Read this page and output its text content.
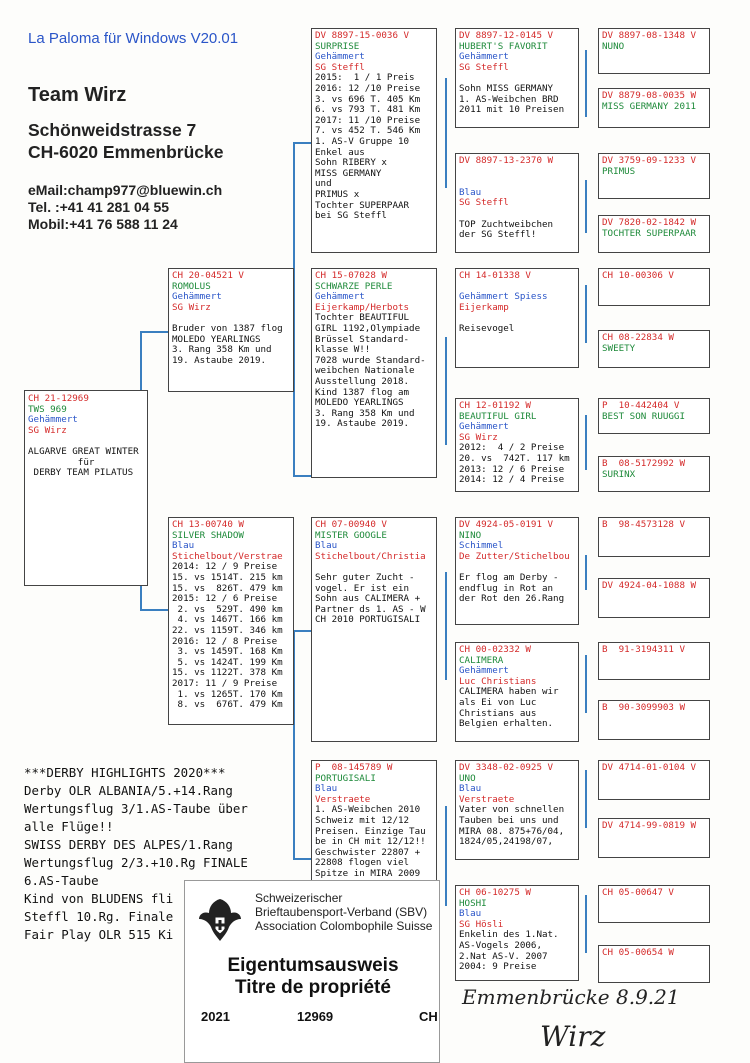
La Paloma für Windows V20.01
Team Wirz
Schönweidstrasse 7
CH-6020 Emmenbrücke
eMail:champ977@bluewin.ch
Tel. :+41 41 281 04 55
Mobil:+41 76 588 11 24
CH 21-12969
TWS 969
Gehämmert
SG Wirz

ALGARVE GREAT WINTER
für
DERBY TEAM PILATUS
CH 20-04521 V
ROMOLUS
Gehämmert
SG Wirz

Bruder von 1387 flog
MOLEDO YEARLINGS
3. Rang 358 Km und
19. Astaube 2019.
CH 13-00740 W
SILVER SHADOW
Blau
Stichelbout/Verstrae
2014: 12 / 9 Preise
15. vs 1514T. 215 km
15. vs  826T. 479 km
2015: 12 / 6 Preise
2. vs  529T. 490 km
4. vs 1467T. 166 km
22. vs 1159T. 346 km
2016: 12 / 8 Preise
3. vs 1459T. 168 Km
5. vs 1424T. 199 Km
15. vs 1122T. 378 Km
2017: 11 / 9 Preise
1. vs 1265T. 170 Km
8. vs  676T. 479 Km
DV 8897-15-0036 V
SURPRISE
Gehämmert
SG Steffl
2015:  1 / 1 Preis
2016: 12 /10 Preise
3. vs 696 T. 405 Km
6. vs 793 T. 481 Km
2017: 11 /10 Preise
7. vs 452 T. 546 Km
1. AS-V Gruppe 10
Enkel aus
Sohn RIBERY x
MISS GERMANY
und
PRIMUS x
Tochter SUPERPAAR
bei SG Steffl
CH 15-07028 W
SCHWARZE PERLE
Gehämmert
Eijerkamp/Herbots
Tochter BEAUTIFUL
GIRL 1192,Olympiade
Brüssel Standard-
klasse W!!
7028 wurde Standard-
weibchen Nationale
Ausstellung 2018.
Kind 1387 flog am
MOLEDO YEARLINGS
3. Rang 358 Km und
19. Astaube 2019.
CH 07-00940 V
MISTER GOOGLE
Blau
Stichelbout/Christia

Sehr guter Zucht -
vogel. Er ist ein
Sohn aus CALIMERA +
Partner ds 1. AS - W
CH 2010 PORTUGISALI
P  08-145789 W
PORTUGISALI
Blau
Verstraete
1. AS-Weibchen 2010
Schweiz mit 12/12
Preisen. Einzige Tau
be in CH mit 12/12!!
Geschwister 22807 +
22808 flogen viel
Spitze in MIRA 2009
DV 8897-12-0145 V
HUBERT'S FAVORIT
Gehämmert
SG Steffl

Sohn MISS GERMANY
1. AS-Weibchen BRD
2011 mit 10 Preisen
DV 8897-13-2370 W

Blau
SG Steffl

TOP Zuchtweibchen
der SG Steffl!
CH 14-01338 V

Gehämmert Spiess
Eijerkamp

Reisevogel
CH 12-01192 W
BEAUTIFUL GIRL
Gehämmert
SG Wirz
2012:  4 / 2 Preise
20. vs  742T. 117 km
2013: 12 / 6 Preise
2014: 12 / 4 Preise
DV 4924-05-0191 V
NINO
Schimmel
De Zutter/Stichelbou

Er flog am Derby -
endflug in Rot an
der Rot den 26.Rang
CH 00-02332 W
CALIMERA
Gehämmert
Luc Christians
CALIMERA haben wir
als Ei von Luc
Christians aus
Belgien erhalten.
DV 3348-02-0925 V
UNO
Blau
Verstraete
Vater von schnellen
Tauben bei uns und
MIRA 08. 875+76/04,
1824/05,24198/07,
CH 06-10275 W
HOSHI
Blau
SG Hösli
Enkelin des 1.Nat.
AS-Vogels 2006,
2.Nat AS-V. 2007
2004: 9 Preise
DV 8897-08-1348 V
NUNO
DV 8879-08-0035 W
MISS GERMANY 2011
DV 3759-09-1233 V
PRIMUS
DV 7820-02-1842 W
TOCHTER SUPERPAAR
CH 10-00306 V
CH 08-22834 W
SWEETY
P  10-442404 V
BEST SON RUUGGI
B  08-5172992 W
SURINX
B  98-4573128 V
DV 4924-04-1088 W
B  91-3194311 V
B  90-3099903 W
DV 4714-01-0104 V
DV 4714-99-0819 W
CH 05-00647 V
CH 05-00654 W
***DERBY HIGHLIGHTS 2020***
Derby OLR ALBANIA/5.+14.Rang
Wertungsflug 3/1.AS-Taube über
alle Flüge!!
SWISS DERBY DES ALPES/1.Rang
Wertungsflug 2/3.+10.Rg FINALE
6.AS-Taube
Kind von BLUDENS fli
Steffl 10.Rg. Finale
Fair Play OLR 515 Ki
Schweizerischer
Brieftaubensport-Verband (SBV)
Association Colombophile Suisse
Eigentumsausweis
Titre de propriété
2021	12969	CH
Emmenbrücke 8.9.21
Wirz
